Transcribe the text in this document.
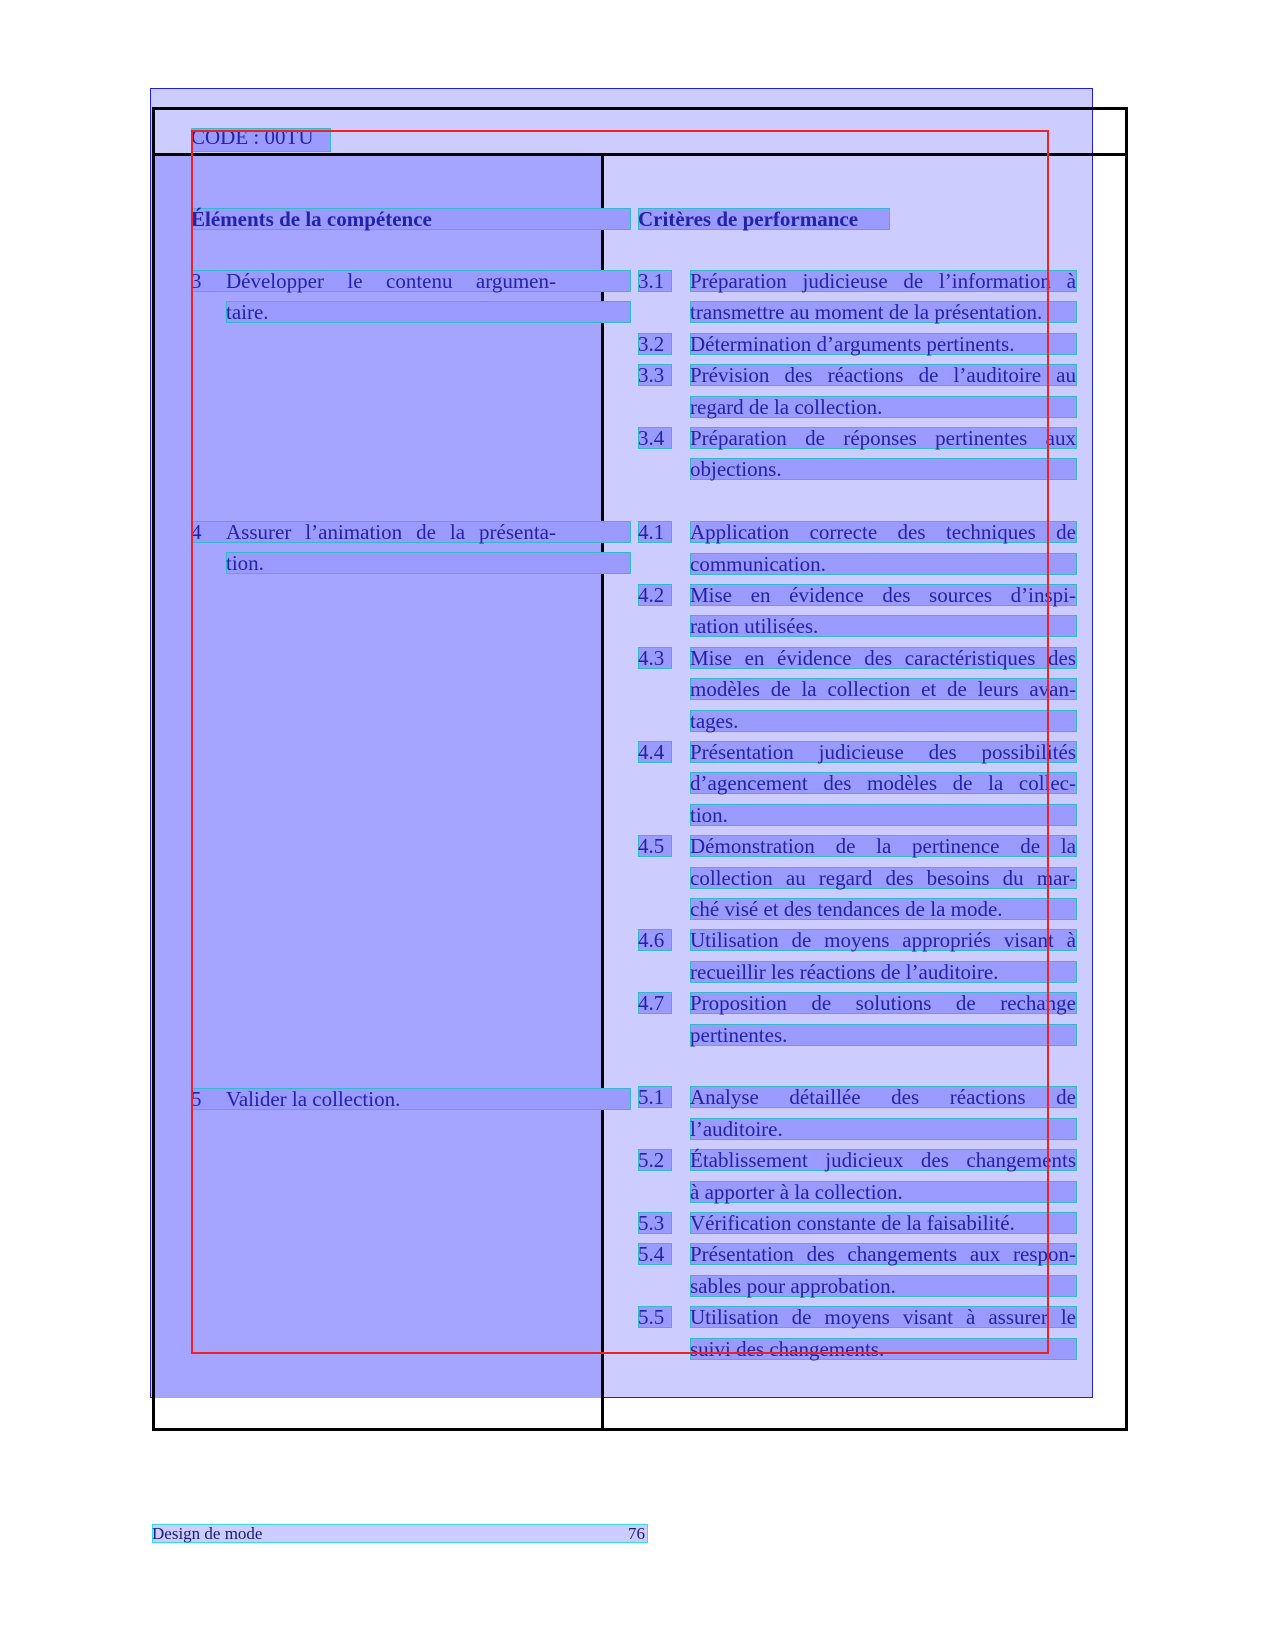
CODE : 00TU
Éléments de la compétence	Critères de performance
3 Développer le contenu argumen-
taire.
4 Assurer l’animation de la présenta-
tion.
5 Valider la collection.
3.1 Préparation judicieuse de l’information à
transmettre au moment de la présentation.
3.2 Détermination d’arguments pertinents.
3.3 Prévision des réactions de l’auditoire au
regard de la collection.
3.4 Préparation de réponses pertinentes aux
objections.
4.1 Application correcte des techniques de
communication.
4.2 Mise en évidence des sources d’inspi-
ration utilisées.
4.3 Mise en évidence des caractéristiques des
modèles de la collection et de leurs avan-
tages.
4.4 Présentation judicieuse des possibilités
d’agencement des modèles de la collec-
tion.
4.5 Démonstration de la pertinence de la
collection au regard des besoins du mar-
ché visé et des tendances de la mode.
4.6 Utilisation de moyens appropriés visant à
recueillir les réactions de l’auditoire.
4.7 Proposition de solutions de rechange
pertinentes.
5.1 Analyse détaillée des réactions de
l’auditoire.
5.2 Établissement judicieux des changements
à apporter à la collection.
5.3 Vérification constante de la faisabilité.
5.4 Présentation des changements aux respon-
sables pour approbation.
5.5 Utilisation de moyens visant à assurer le
suivi des changements.
Design de mode	76
